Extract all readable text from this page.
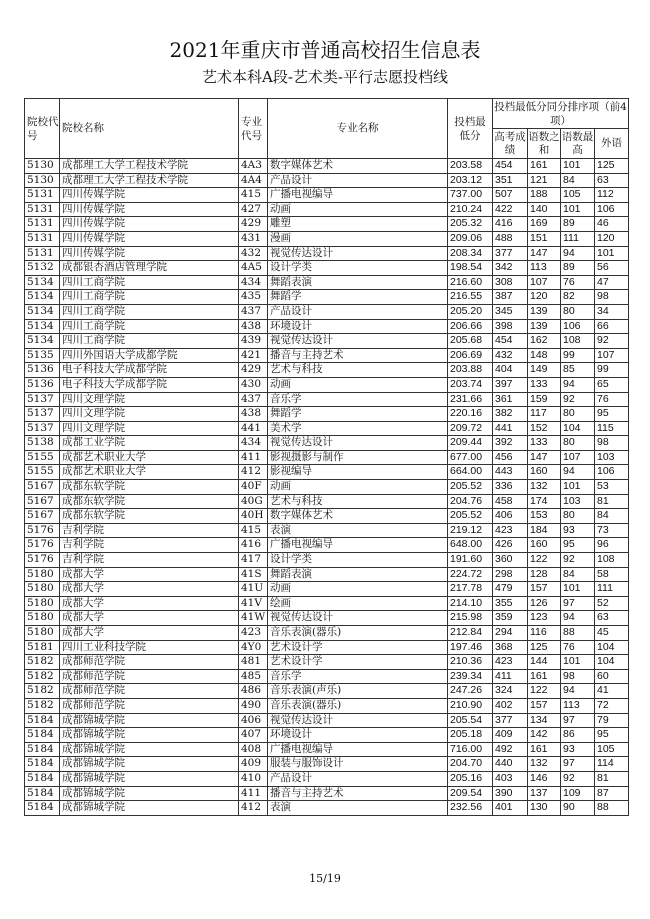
2021年重庆市普通高校招生信息表
艺术本科A段-艺术类-平行志愿投档线
院校代号	院校名称	专业代号	专业名称	投档最低分	投档最低分同分排序项（前4项）			
					高考成绩	语数之和	语数最高	外语
5130	成都理工大学工程技术学院	4A3	数字媒体艺术	203.58	454	161	101	125
5130	成都理工大学工程技术学院	4A4	产品设计	203.12	351	121	84	63
5131	四川传媒学院	415	广播电视编导	737.00	507	188	105	112
5131	四川传媒学院	427	动画	210.24	422	140	101	106
5131	四川传媒学院	429	雕塑	205.32	416	169	89	46
5131	四川传媒学院	431	漫画	209.06	488	151	111	120
5131	四川传媒学院	432	视觉传达设计	208.34	377	147	94	101
5132	成都银杏酒店管理学院	4A5	设计学类	198.54	342	113	89	56
5134	四川工商学院	434	舞蹈表演	216.60	308	107	76	47
5134	四川工商学院	435	舞蹈学	216.55	387	120	82	98
5134	四川工商学院	437	产品设计	205.20	345	139	80	34
5134	四川工商学院	438	环境设计	206.66	398	139	106	66
5134	四川工商学院	439	视觉传达设计	205.68	454	162	108	92
5135	四川外国语大学成都学院	421	播音与主持艺术	206.69	432	148	99	107
5136	电子科技大学成都学院	429	艺术与科技	203.88	404	149	85	99
5136	电子科技大学成都学院	430	动画	203.74	397	133	94	65
5137	四川文理学院	437	音乐学	231.66	361	159	92	76
5137	四川文理学院	438	舞蹈学	220.16	382	117	80	95
5137	四川文理学院	441	美术学	209.72	441	152	104	115
5138	成都工业学院	434	视觉传达设计	209.44	392	133	80	98
5155	成都艺术职业大学	411	影视摄影与制作	677.00	456	147	107	103
5155	成都艺术职业大学	412	影视编导	664.00	443	160	94	106
5167	成都东软学院	40F	动画	205.52	336	132	101	53
5167	成都东软学院	40G	艺术与科技	204.76	458	174	103	81
5167	成都东软学院	40H	数字媒体艺术	205.52	406	153	80	84
5176	吉利学院	415	表演	219.12	423	184	93	73
5176	吉利学院	416	广播电视编导	648.00	426	160	95	96
5176	吉利学院	417	设计学类	191.60	360	122	92	108
5180	成都大学	41S	舞蹈表演	224.72	298	128	84	58
5180	成都大学	41U	动画	217.78	479	157	101	111
5180	成都大学	41V	绘画	214.10	355	126	97	52
5180	成都大学	41W	视觉传达设计	215.98	359	123	94	63
5180	成都大学	423	音乐表演(器乐)	212.84	294	116	88	45
5181	四川工业科技学院	4Y0	艺术设计学	197.46	368	125	76	104
5182	成都师范学院	481	艺术设计学	210.36	423	144	101	104
5182	成都师范学院	485	音乐学	239.34	411	161	98	60
5182	成都师范学院	486	音乐表演(声乐)	247.26	324	122	94	41
5182	成都师范学院	490	音乐表演(器乐)	210.90	402	157	113	72
5184	成都锦城学院	406	视觉传达设计	205.54	377	134	97	79
5184	成都锦城学院	407	环境设计	205.18	409	142	86	95
5184	成都锦城学院	408	广播电视编导	716.00	492	161	93	105
5184	成都锦城学院	409	服装与服饰设计	204.70	440	132	97	114
5184	成都锦城学院	410	产品设计	205.16	403	146	92	81
5184	成都锦城学院	411	播音与主持艺术	209.54	390	137	109	87
5184	成都锦城学院	412	表演	232.56	401	130	90	88
15/19
